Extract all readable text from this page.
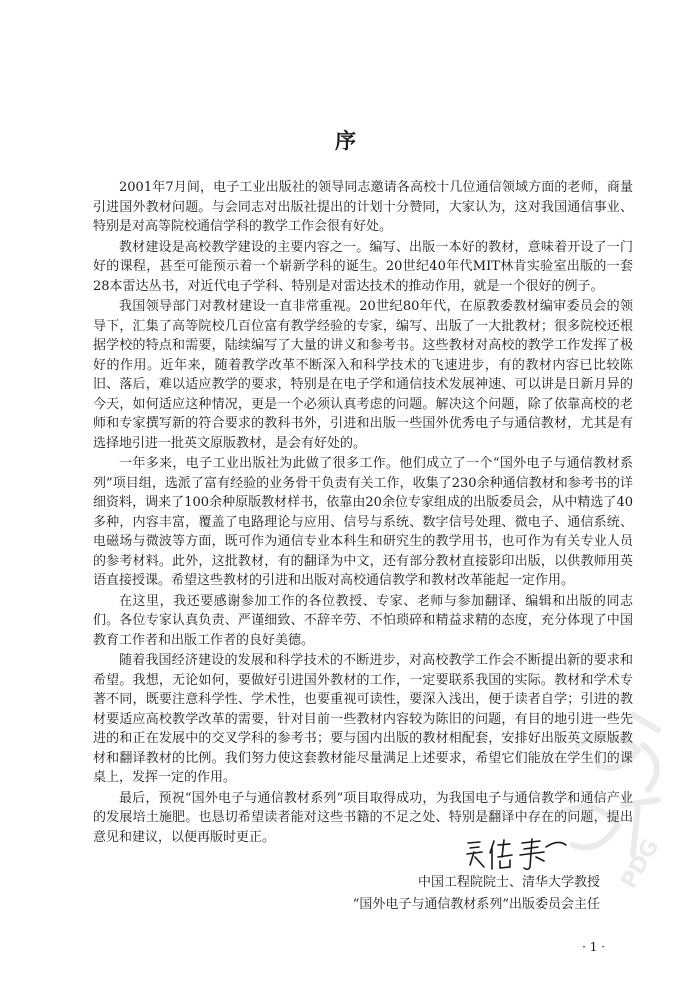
序

2001年7月间，电子工业出版社的领导同志邀请各高校十几位通信领域方面的老师，商量引进国外教材问题。与会同志对出版社提出的计划十分赞同，大家认为，这对我国通信事业、特别是对高等院校通信学科的教学工作会很有好处。

教材建设是高校教学建设的主要内容之一。编写、出版一本好的教材，意味着开设了一门好的课程，甚至可能预示着一个崭新学科的诞生。20世纪40年代MIT林肯实验室出版的一套28本雷达丛书，对近代电子学科、特别是对雷达技术的推动作用，就是一个很好的例子。

我国领导部门对教材建设一直非常重视。20世纪80年代，在原教委教材编审委员会的领导下，汇集了高等院校几百位富有教学经验的专家，编写、出版了一大批教材；很多院校还根据学校的特点和需要，陆续编写了大量的讲义和参考书。这些教材对高校的教学工作发挥了极好的作用。近年来，随着教学改革不断深入和科学技术的飞速进步，有的教材内容已比较陈旧、落后，难以适应教学的要求，特别是在电子学和通信技术发展神速、可以讲是日新月异的今天，如何适应这种情况，更是一个必须认真考虑的问题。解决这个问题，除了依靠高校的老师和专家撰写新的符合要求的教科书外，引进和出版一些国外优秀电子与通信教材，尤其是有选择地引进一批英文原版教材，是会有好处的。

一年多来，电子工业出版社为此做了很多工作。他们成立了一个“国外电子与通信教材系列”项目组，选派了富有经验的业务骨干负责有关工作，收集了230余种通信教材和参考书的详细资料，调来了100余种原版教材样书，依靠由20余位专家组成的出版委员会，从中精选了40多种，内容丰富，覆盖了电路理论与应用、信号与系统、数字信号处理、微电子、通信系统、电磁场与微波等方面，既可作为通信专业本科生和研究生的教学用书，也可作为有关专业人员的参考材料。此外，这批教材，有的翻译为中文，还有部分教材直接影印出版，以供教师用英语直接授课。希望这些教材的引进和出版对高校通信教学和教材改革能起一定作用。

在这里，我还要感谢参加工作的各位教授、专家、老师与参加翻译、编辑和出版的同志们。各位专家认真负责、严谨细致、不辞辛劳、不怕琐碎和精益求精的态度，充分体现了中国教育工作者和出版工作者的良好美德。

随着我国经济建设的发展和科学技术的不断进步，对高校教学工作会不断提出新的要求和希望。我想，无论如何，要做好引进国外教材的工作，一定要联系我国的实际。教材和学术专著不同，既要注意科学性、学术性，也要重视可读性，要深入浅出，便于读者自学；引进的教材要适应高校教学改革的需要，针对目前一些教材内容较为陈旧的问题，有目的地引进一些先进的和正在发展中的交叉学科的参考书；要与国内出版的教材相配套，安排好出版英文原版教材和翻译教材的比例。我们努力使这套教材能尽量满足上述要求，希望它们能放在学生们的课桌上，发挥一定的作用。

最后，预祝“国外电子与通信教材系列”项目取得成功，为我国电子与通信教学和通信产业的发展培土施肥。也恳切希望读者能对这些书籍的不足之处、特别是翻译中存在的问题，提出意见和建议，以便再版时更正。

中国工程院院士、清华大学教授
“国外电子与通信教材系列”出版委员会主任
· 1 ·
PDG
